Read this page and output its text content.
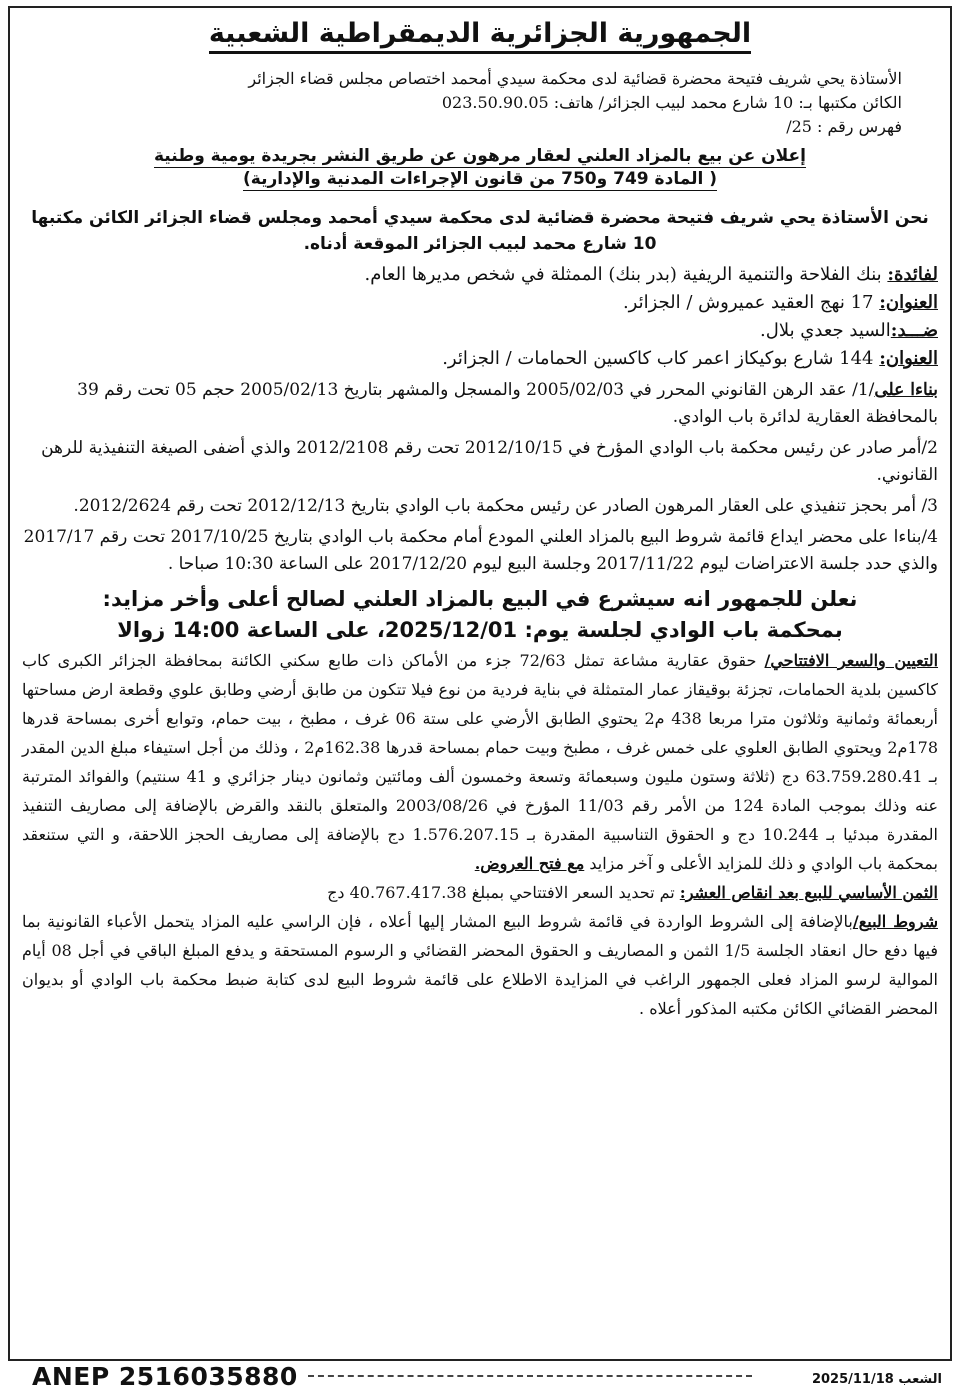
الجمهورية الجزائرية الديمقراطية الشعبية
الأستاذة يحي شريف فتيحة محضرة قضائية لدى محكمة سيدي أمحمد اختصاص مجلس قضاء الجزائر
الكائن مكتبها بـ: 10 شارع محمد لبيب الجزائر/ هاتف: 023.50.90.05
فهرس رقم : 25/
إعلان عن بيع بالمزاد العلني لعقار مرهون عن طريق النشر بجريدة يومية وطنية
( المادة 749 و750 من قانون الإجراءات المدنية والإدارية)
نحن الأستاذة يحي شريف فتيحة محضرة قضائية لدى محكمة سيدي أمحمد ومجلس قضاء الجزائر الكائن مكتبها 10 شارع محمد لبيب الجزائر الموقعة أدناه.
لفائدة: بنك الفلاحة والتنمية الريفية (بدر بنك) الممثلة في شخص مديرها العام.
العنوان: 17 نهج العقيد عميروش / الجزائر.
ضـــد:السيد جعدي بلال.
العنوان: 144 شارع بوكيكاز اعمر كاب كاكسين الحمامات / الجزائر.
بناءا على/1/ عقد الرهن القانوني المحرر في 2005/02/03 والمسجل والمشهر بتاريخ 2005/02/13 حجم 05 تحت رقم 39 بالمحافظة العقارية لدائرة باب الوادي.
2/أمر صادر عن رئيس محكمة باب الوادي المؤرخ في 2012/10/15 تحت رقم 2012/2108 والذي أضفى الصيغة التنفيذية للرهن القانوني.
3/ أمر بحجز تنفيذي على العقار المرهون الصادر عن رئيس محكمة باب الوادي بتاريخ 2012/12/13 تحت رقم 2012/2624.
4/بناءا على محضر ايداع قائمة شروط البيع بالمزاد العلني المودع أمام محكمة باب الوادي بتاريخ 2017/10/25 تحت رقم 2017/17 والذي حدد جلسة الاعتراضات ليوم 2017/11/22 وجلسة البيع ليوم 2017/12/20 على الساعة 10:30 صباحا .
نعلن للجمهور انه سيشرع في البيع بالمزاد العلني لصالح أعلى وأخر مزايد:
بمحكمة باب الوادي لجلسة يوم: 2025/12/01، على الساعة 14:00 زوالا
التعيين والسعر الافتتاحي/ حقوق عقارية مشاعة تمثل 72/63 جزء من الأماكن ذات طابع سكني الكائنة بمحافظة الجزائر الكبرى كاب كاكسين بلدية الحمامات، تجزئة بوقيقاز عمار المتمثلة في بناية فردية من نوع فيلا تتكون من طابق أرضي وطابق علوي وقطعة ارض مساحتها أربعمائة وثمانية وثلاثون مترا مربعا 438 م2 يحتوي الطابق الأرضي على ستة 06 غرف ، مطبخ ، بيت حمام، وتوابع أخرى بمساحة قدرها 178م2 ويحتوي الطابق العلوي على خمس غرف ، مطبخ وبيت حمام بمساحة قدرها 162.38م2 ، وذلك من أجل استيفاء مبلغ الدين المقدر بـ 63.759.280.41 دج (ثلاثة وستون مليون وسبعمائة وتسعة وخمسون ألف ومائتين وثمانون دينار جزائري و 41 سنتيم) والفوائد المترتبة عنه وذلك بموجب المادة 124 من الأمر رقم 11/03 المؤرخ في 2003/08/26 والمتعلق بالنقد والقرض بالإضافة إلى مصاريف التنفيذ المقدرة مبدئيا بـ 10.244 دج و الحقوق التناسبية المقدرة بـ 1.576.207.15 دج بالإضافة إلى مصاريف الحجز اللاحقة، و التي ستنعقد بمحكمة باب الوادي و ذلك للمزايد الأعلى و آخر مزايد مع فتح العروض.
الثمن الأساسي للبيع بعد انقاص العشر: تم تحديد السعر الافتتاحي بمبلغ 40.767.417.38 دج
شروط البيع/بالإضافة إلى الشروط الواردة في قائمة شروط البيع المشار إليها أعلاه ، فإن الراسي عليه المزاد يتحمل الأعباء القانونية بما فيها دفع حال انعقاد الجلسة 1/5 الثمن و المصاريف و الحقوق المحضر القضائي و الرسوم المستحقة و يدفع المبلغ الباقي في أجل 08 أيام الموالية لرسو المزاد فعلى الجمهور الراغب في المزايدة الاطلاع على قائمة شروط البيع لدى كتابة ضبط محكمة باب الوادي أو بديوان المحضر القضائي الكائن مكتبه المذكور أعلاه .
ANEP 2516035880	الشعب 2025/11/18
